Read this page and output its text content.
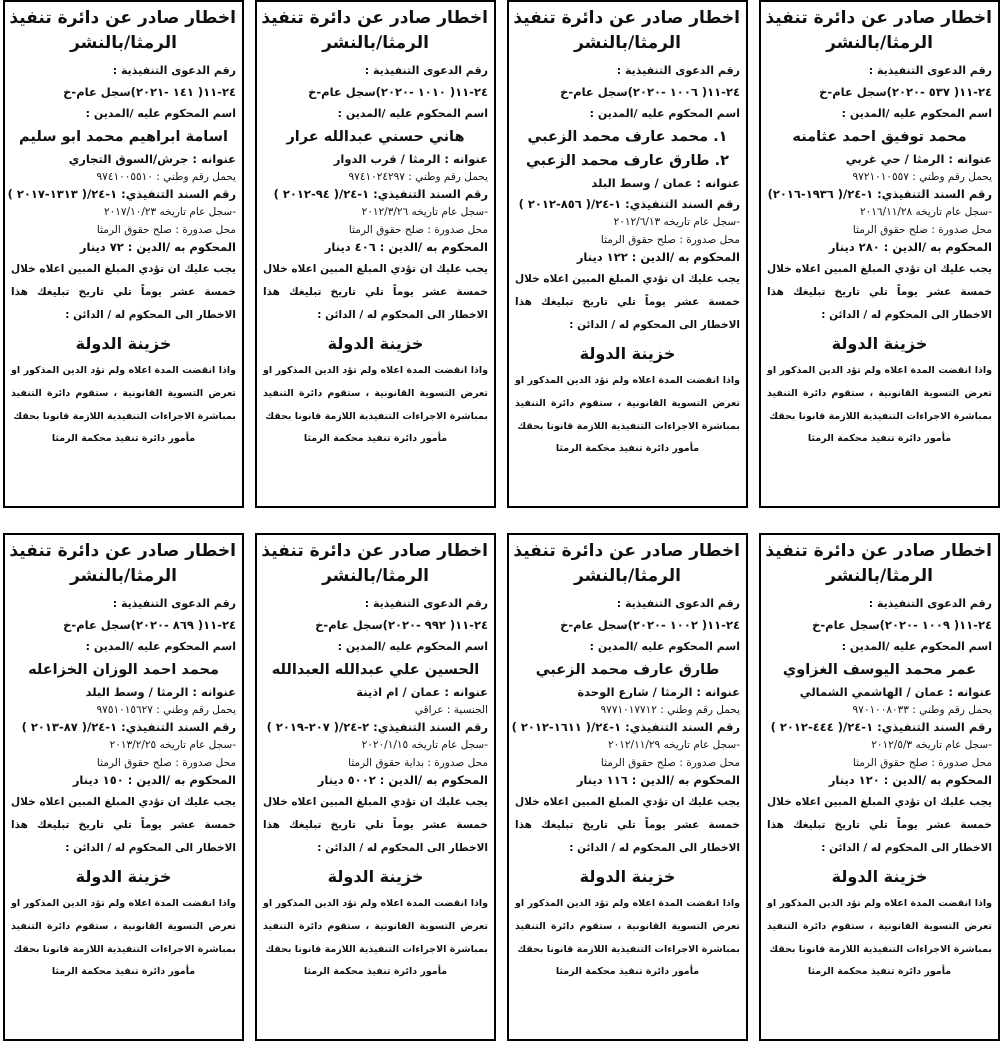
اخطار صادر عن دائرة تنفيذ
الرمثا/بالنشر
رقم الدعوى التنفيذية :
٢٤-١١( ٥٣٧ -٢٠٢٠)سجل عام-خ
اسم المحكوم عليه /المدين :
محمد توفيق احمد عثامنه
عنوانه : الرمثا / حي غربي
يحمل رقم وطني : ٩٧٢١٠١٠٥٥٧
رقم السند التنفيذي: ١-٢٤/( ١٩٣٦-٢٠١٦)
-سجل عام تاريخه ٢٠١٦/١١/٢٨
محل صدورة : صلح حقوق الرمثا
المحكوم به /الدين : ٢٨٠ دينار
يجب عليك ان تؤدي المبلغ المبين اعلاه خلال خمسة عشر يوماً تلي تاريخ تبليغك هذا الاخطار الى المحكوم له / الدائن :
خزينة الدولة
واذا انقضت المدة اعلاه ولم تؤد الدين المذكور او تعرض التسوية القانونية ، ستقوم دائرة التنفيذ بمباشرة الاجراءات التنفيذية اللازمة قانونا بحقك
مأمور دائرة تنفيذ محكمة الرمثا
اخطار صادر عن دائرة تنفيذ
الرمثا/بالنشر
رقم الدعوى التنفيذية :
٢٤-١١( ١٠٠٦ -٢٠٢٠)سجل عام-خ
اسم المحكوم عليه /المدين :
١. محمد عارف محمد الزعبي
٢. طارق عارف محمد الزعبي
عنوانه : عمان / وسط البلد
رقم السند التنفيذي: ١-٢٤/( ٨٥٦-٢٠١٢ )
-سجل عام تاريخه ٢٠١٢/٦/١٣
محل صدورة : صلح حقوق الرمثا
المحكوم به /الدين : ١٢٢ دينار
يجب عليك ان تؤدي المبلغ المبين اعلاه خلال خمسة عشر يوماً تلي تاريخ تبليغك هذا الاخطار الى المحكوم له / الدائن :
خزينة الدولة
واذا انقضت المدة اعلاه ولم تؤد الدين المذكور او تعرض التسوية القانونية ، ستقوم دائرة التنفيذ بمباشرة الاجراءات التنفيذية اللازمة قانونا بحقك
مأمور دائرة تنفيذ محكمة الرمثا
اخطار صادر عن دائرة تنفيذ
الرمثا/بالنشر
رقم الدعوى التنفيذية :
٢٤-١١( ١٠١٠ -٢٠٢٠)سجل عام-خ
اسم المحكوم عليه /المدين :
هاني حسني عبدالله عرار
عنوانه : الرمثا / قرب الدوار
يحمل رقم وطني : ٩٧٤١٠٢٤٢٩٧
رقم السند التنفيذي: ١-٢٤/( ٩٤-٢٠١٢ )
-سجل عام تاريخه ٢٠١٢/٣/٢٦
محل صدورة : صلح حقوق الرمثا
المحكوم به /الدين : ٤٠٦ دينار
يجب عليك ان تؤدي المبلغ المبين اعلاه خلال خمسة عشر يوماً تلي تاريخ تبليغك هذا الاخطار الى المحكوم له / الدائن :
خزينة الدولة
واذا انقضت المدة اعلاه ولم تؤد الدين المذكور او تعرض التسوية القانونية ، ستقوم دائرة التنفيذ بمباشرة الاجراءات التنفيذية اللازمة قانونا بحقك
مأمور دائرة تنفيذ محكمة الرمثا
اخطار صادر عن دائرة تنفيذ
الرمثا/بالنشر
رقم الدعوى التنفيذية :
٢٤-١١( ١٤١ -٢٠٢١)سجل عام-خ
اسم المحكوم عليه /المدين :
اسامة ابراهيم محمد ابو سليم
عنوانه : جرش/السوق التجاري
يحمل رقم وطني : ٩٧٤١٠٠٥٥١٠
رقم السند التنفيذي: ١-٢٤/( ١٣١٣-٢٠١٧ )
-سجل عام تاريخه ٢٠١٧/١٠/٢٣
محل صدورة : صلح حقوق الرمثا
المحكوم به /الدين : ٧٢ دينار
يجب عليك ان تؤدي المبلغ المبين اعلاه خلال خمسة عشر يوماً تلي تاريخ تبليغك هذا الاخطار الى المحكوم له / الدائن :
خزينة الدولة
واذا انقضت المدة اعلاه ولم تؤد الدين المذكور او تعرض التسوية القانونية ، ستقوم دائرة التنفيذ بمباشرة الاجراءات التنفيذية اللازمة قانونا بحقك
مأمور دائرة تنفيذ محكمة الرمثا
اخطار صادر عن دائرة تنفيذ
الرمثا/بالنشر
رقم الدعوى التنفيذية :
٢٤-١١( ١٠٠٩ -٢٠٢٠)سجل عام-خ
اسم المحكوم عليه /المدين :
عمر محمد اليوسف الغزاوي
عنوانه : عمان / الهاشمي الشمالي
يحمل رقم وطني : ٩٧٠١٠٠٨٠٣٣
رقم السند التنفيذي: ١-٢٤/( ٤٤٤-٢٠١٢ )
-سجل عام تاريخه ٢٠١٢/٥/٣
محل صدورة : صلح حقوق الرمثا
المحكوم به /الدين : ١٢٠ دينار
يجب عليك ان تؤدي المبلغ المبين اعلاه خلال خمسة عشر يوماً تلي تاريخ تبليغك هذا الاخطار الى المحكوم له / الدائن :
خزينة الدولة
واذا انقضت المدة اعلاه ولم تؤد الدين المذكور او تعرض التسوية القانونية ، ستقوم دائرة التنفيذ بمباشرة الاجراءات التنفيذية اللازمة قانونا بحقك
مأمور دائرة تنفيذ محكمة الرمثا
اخطار صادر عن دائرة تنفيذ
الرمثا/بالنشر
رقم الدعوى التنفيذية :
٢٤-١١( ١٠٠٢ -٢٠٢٠)سجل عام-خ
اسم المحكوم عليه /المدين :
طارق عارف محمد الزعبي
عنوانه : الرمثا / شارع الوحدة
يحمل رقم وطني : ٩٧٧١٠١٧٧١٢
رقم السند التنفيذي: ١-٢٤/( ١٦١١-٢٠١٢ )
-سجل عام تاريخه ٢٠١٢/١١/٢٩
محل صدورة : صلح حقوق الرمثا
المحكوم به /الدين : ١١٦ دينار
يجب عليك ان تؤدي المبلغ المبين اعلاه خلال خمسة عشر يوماً تلي تاريخ تبليغك هذا الاخطار الى المحكوم له / الدائن :
خزينة الدولة
واذا انقضت المدة اعلاه ولم تؤد الدين المذكور او تعرض التسوية القانونية ، ستقوم دائرة التنفيذ بمباشرة الاجراءات التنفيذية اللازمة قانونا بحقك
مأمور دائرة تنفيذ محكمة الرمثا
اخطار صادر عن دائرة تنفيذ
الرمثا/بالنشر
رقم الدعوى التنفيذية :
٢٤-١١( ٩٩٢ -٢٠٢٠)سجل عام-خ
اسم المحكوم عليه /المدين :
الحسين علي عبدالله العبدالله
عنوانه : عمان / ام اذينة
الجنسية : عراقي
رقم السند التنفيذي: ٢-٢٤/( ٢٠٧-٢٠١٩ )
-سجل عام تاريخه ٢٠٢٠/١/١٥
محل صدورة : بداية حقوق الرمثا
المحكوم به /الدين : ٥٠٠٢ دينار
يجب عليك ان تؤدي المبلغ المبين اعلاه خلال خمسة عشر يوماً تلي تاريخ تبليغك هذا الاخطار الى المحكوم له / الدائن :
خزينة الدولة
واذا انقضت المدة اعلاه ولم تؤد الدين المذكور او تعرض التسوية القانونية ، ستقوم دائرة التنفيذ بمباشرة الاجراءات التنفيذية اللازمة قانونا بحقك
مأمور دائرة تنفيذ محكمة الرمثا
اخطار صادر عن دائرة تنفيذ
الرمثا/بالنشر
رقم الدعوى التنفيذية :
٢٤-١١( ٨٦٩ -٢٠٢٠)سجل عام-خ
اسم المحكوم عليه /المدين :
محمد احمد الوزان الخزاعله
عنوانه : الرمثا / وسط البلد
يحمل رقم وطني : ٩٧٥١٠١٥٦٢٧
رقم السند التنفيذي: ١-٢٤/( ٨٧-٢٠١٣ )
-سجل عام تاريخه ٢٠١٣/٢/٢٥
محل صدورة : صلح حقوق الرمثا
المحكوم به /الدين : ١٥٠ دينار
يجب عليك ان تؤدي المبلغ المبين اعلاه خلال خمسة عشر يوماً تلي تاريخ تبليغك هذا الاخطار الى المحكوم له / الدائن :
خزينة الدولة
واذا انقضت المدة اعلاه ولم تؤد الدين المذكور او تعرض التسوية القانونية ، ستقوم دائرة التنفيذ بمباشرة الاجراءات التنفيذية اللازمة قانونا بحقك
مأمور دائرة تنفيذ محكمة الرمثا
